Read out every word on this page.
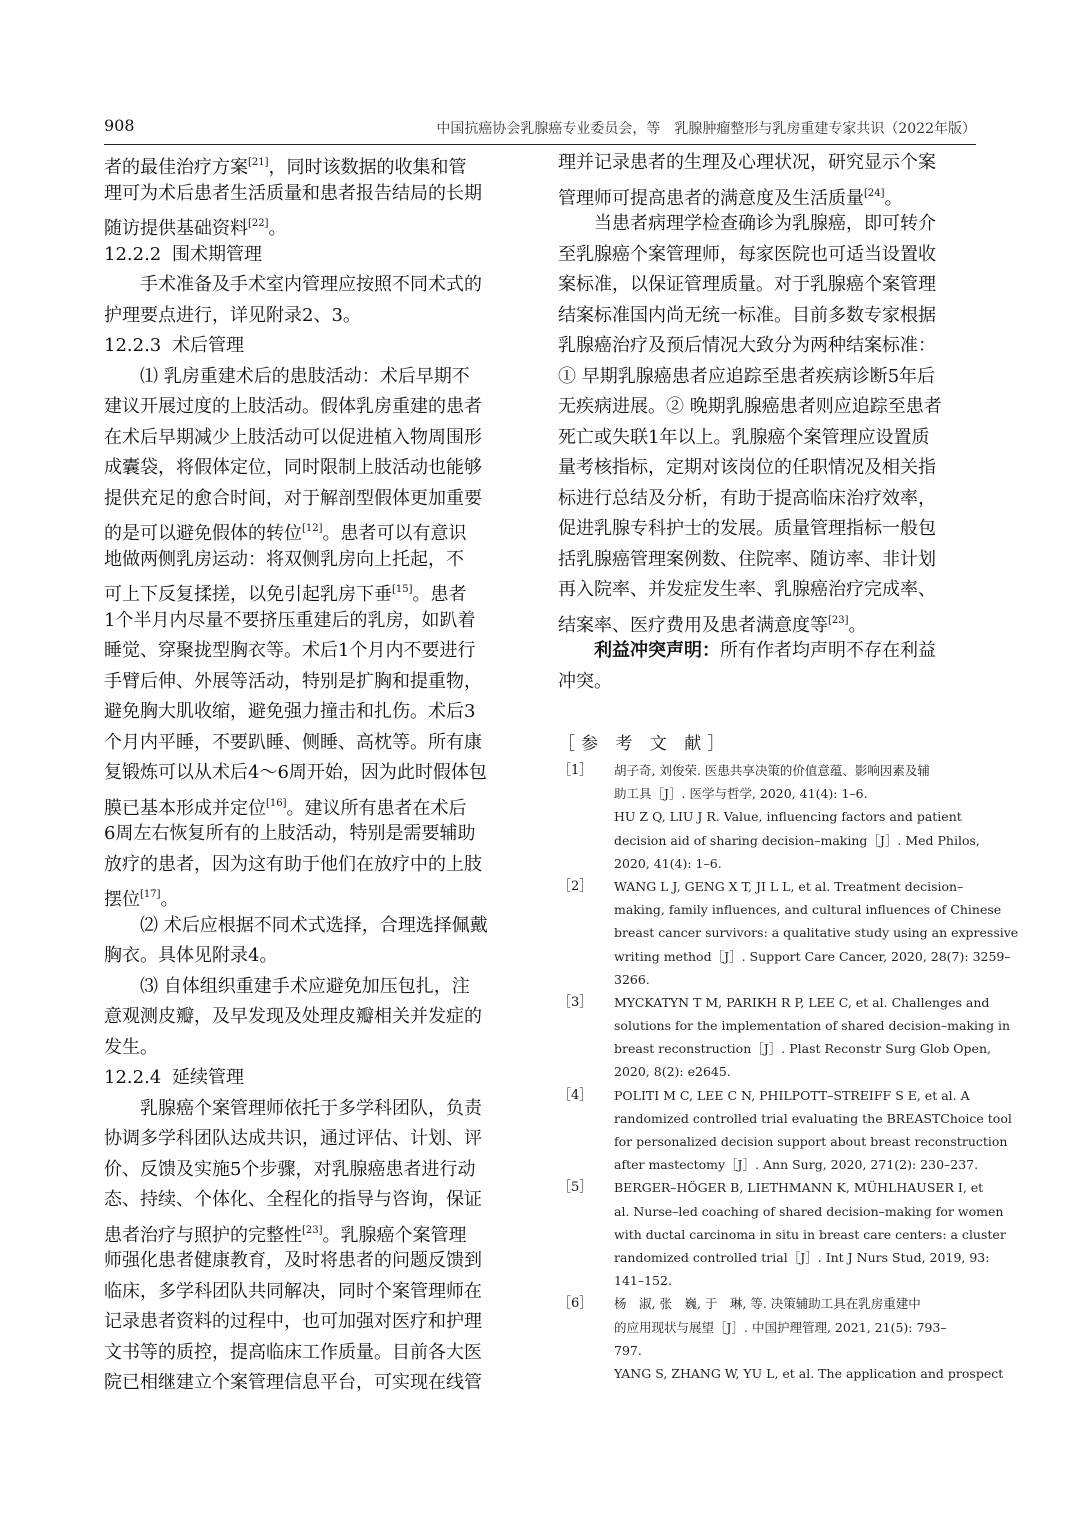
908	中国抗癌协会乳腺癌专业委员会，等　乳腺肿瘤整形与乳房重建专家共识（2022年版）
者的最佳治疗方案[21]，同时该数据的收集和管
理可为术后患者生活质量和患者报告结局的长期
随访提供基础资料[22]。
12.2.2 围术期管理
手术准备及手术室内管理应按照不同术式的
护理要点进行，详见附录2、3。
12.2.3 术后管理
⑴ 乳房重建术后的患肢活动：术后早期不
建议开展过度的上肢活动。假体乳房重建的患者
在术后早期减少上肢活动可以促进植入物周围形
成囊袋，将假体定位，同时限制上肢活动也能够
提供充足的愈合时间，对于解剖型假体更加重要
的是可以避免假体的转位[12]。患者可以有意识
地做两侧乳房运动：将双侧乳房向上托起，不
可上下反复揉搓，以免引起乳房下垂[15]。患者
1个半月内尽量不要挤压重建后的乳房，如趴着
睡觉、穿聚拢型胸衣等。术后1个月内不要进行
手臂后伸、外展等活动，特别是扩胸和提重物，
避免胸大肌收缩，避免强力撞击和扎伤。术后3
个月内平睡，不要趴睡、侧睡、高枕等。所有康
复锻炼可以从术后4～6周开始，因为此时假体包
膜已基本形成并定位[16]。建议所有患者在术后
6周左右恢复所有的上肢活动，特别是需要辅助
放疗的患者，因为这有助于他们在放疗中的上肢
摆位[17]。
⑵ 术后应根据不同术式选择，合理选择佩戴
胸衣。具体见附录4。
⑶ 自体组织重建手术应避免加压包扎，注
意观测皮瓣，及早发现及处理皮瓣相关并发症的
发生。
12.2.4 延续管理
乳腺癌个案管理师依托于多学科团队，负责
协调多学科团队达成共识，通过评估、计划、评
价、反馈及实施5个步骤，对乳腺癌患者进行动
态、持续、个体化、全程化的指导与咨询，保证
患者治疗与照护的完整性[23]。乳腺癌个案管理
师强化患者健康教育，及时将患者的问题反馈到
临床，多学科团队共同解决，同时个案管理师在
记录患者资料的过程中，也可加强对医疗和护理
文书等的质控，提高临床工作质量。目前各大医
院已相继建立个案管理信息平台，可实现在线管
理并记录患者的生理及心理状况，研究显示个案
管理师可提高患者的满意度及生活质量[24]。
当患者病理学检查确诊为乳腺癌，即可转介
至乳腺癌个案管理师，每家医院也可适当设置收
案标准，以保证管理质量。对于乳腺癌个案管理
结案标准国内尚无统一标准。目前多数专家根据
乳腺癌治疗及预后情况大致分为两种结案标准：
① 早期乳腺癌患者应追踪至患者疾病诊断5年后
无疾病进展。② 晚期乳腺癌患者则应追踪至患者
死亡或失联1年以上。乳腺癌个案管理应设置质
量考核指标，定期对该岗位的任职情况及相关指
标进行总结及分析，有助于提高临床治疗效率，
促进乳腺专科护士的发展。质量管理指标一般包
括乳腺癌管理案例数、住院率、随访率、非计划
再入院率、并发症发生率、乳腺癌治疗完成率、
结案率、医疗费用及患者满意度等[23]。
利益冲突声明：所有作者均声明不存在利益
冲突。
［参 考 文 献］
［1］ 胡子奇, 刘俊荣. 医患共享决策的价值意蕴、影响因素及辅
助工具［J］. 医学与哲学, 2020, 41(4): 1–6.
HU Z Q, LIU J R. Value, influencing factors and patient
decision aid of sharing decision–making［J］. Med Philos,
2020, 41(4): 1–6.
［2］ WANG L J, GENG X T, JI L L, et al. Treatment decision–
making, family influences, and cultural influences of Chinese
breast cancer survivors: a qualitative study using an expressive
writing method［J］. Support Care Cancer, 2020, 28(7): 3259–
3266.
［3］ MYCKATYN T M, PARIKH R P, LEE C, et al. Challenges and
solutions for the implementation of shared decision–making in
breast reconstruction［J］. Plast Reconstr Surg Glob Open,
2020, 8(2): e2645.
［4］ POLITI M C, LEE C N, PHILPOTT–STREIFF S E, et al. A
randomized controlled trial evaluating the BREASTChoice tool
for personalized decision support about breast reconstruction
after mastectomy［J］. Ann Surg, 2020, 271(2): 230–237.
［5］ BERGER–HÖGER B, LIETHMANN K, MÜHLHAUSER I, et
al. Nurse–led coaching of shared decision–making for women
with ductal carcinoma in situ in breast care centers: a cluster
randomized controlled trial［J］. Int J Nurs Stud, 2019, 93:
141–152.
［6］ 杨　淑, 张　巍, 于　琳, 等. 决策辅助工具在乳房重建中
的应用现状与展望［J］. 中国护理管理, 2021, 21(5): 793–
797.
YANG S, ZHANG W, YU L, et al. The application and prospect
